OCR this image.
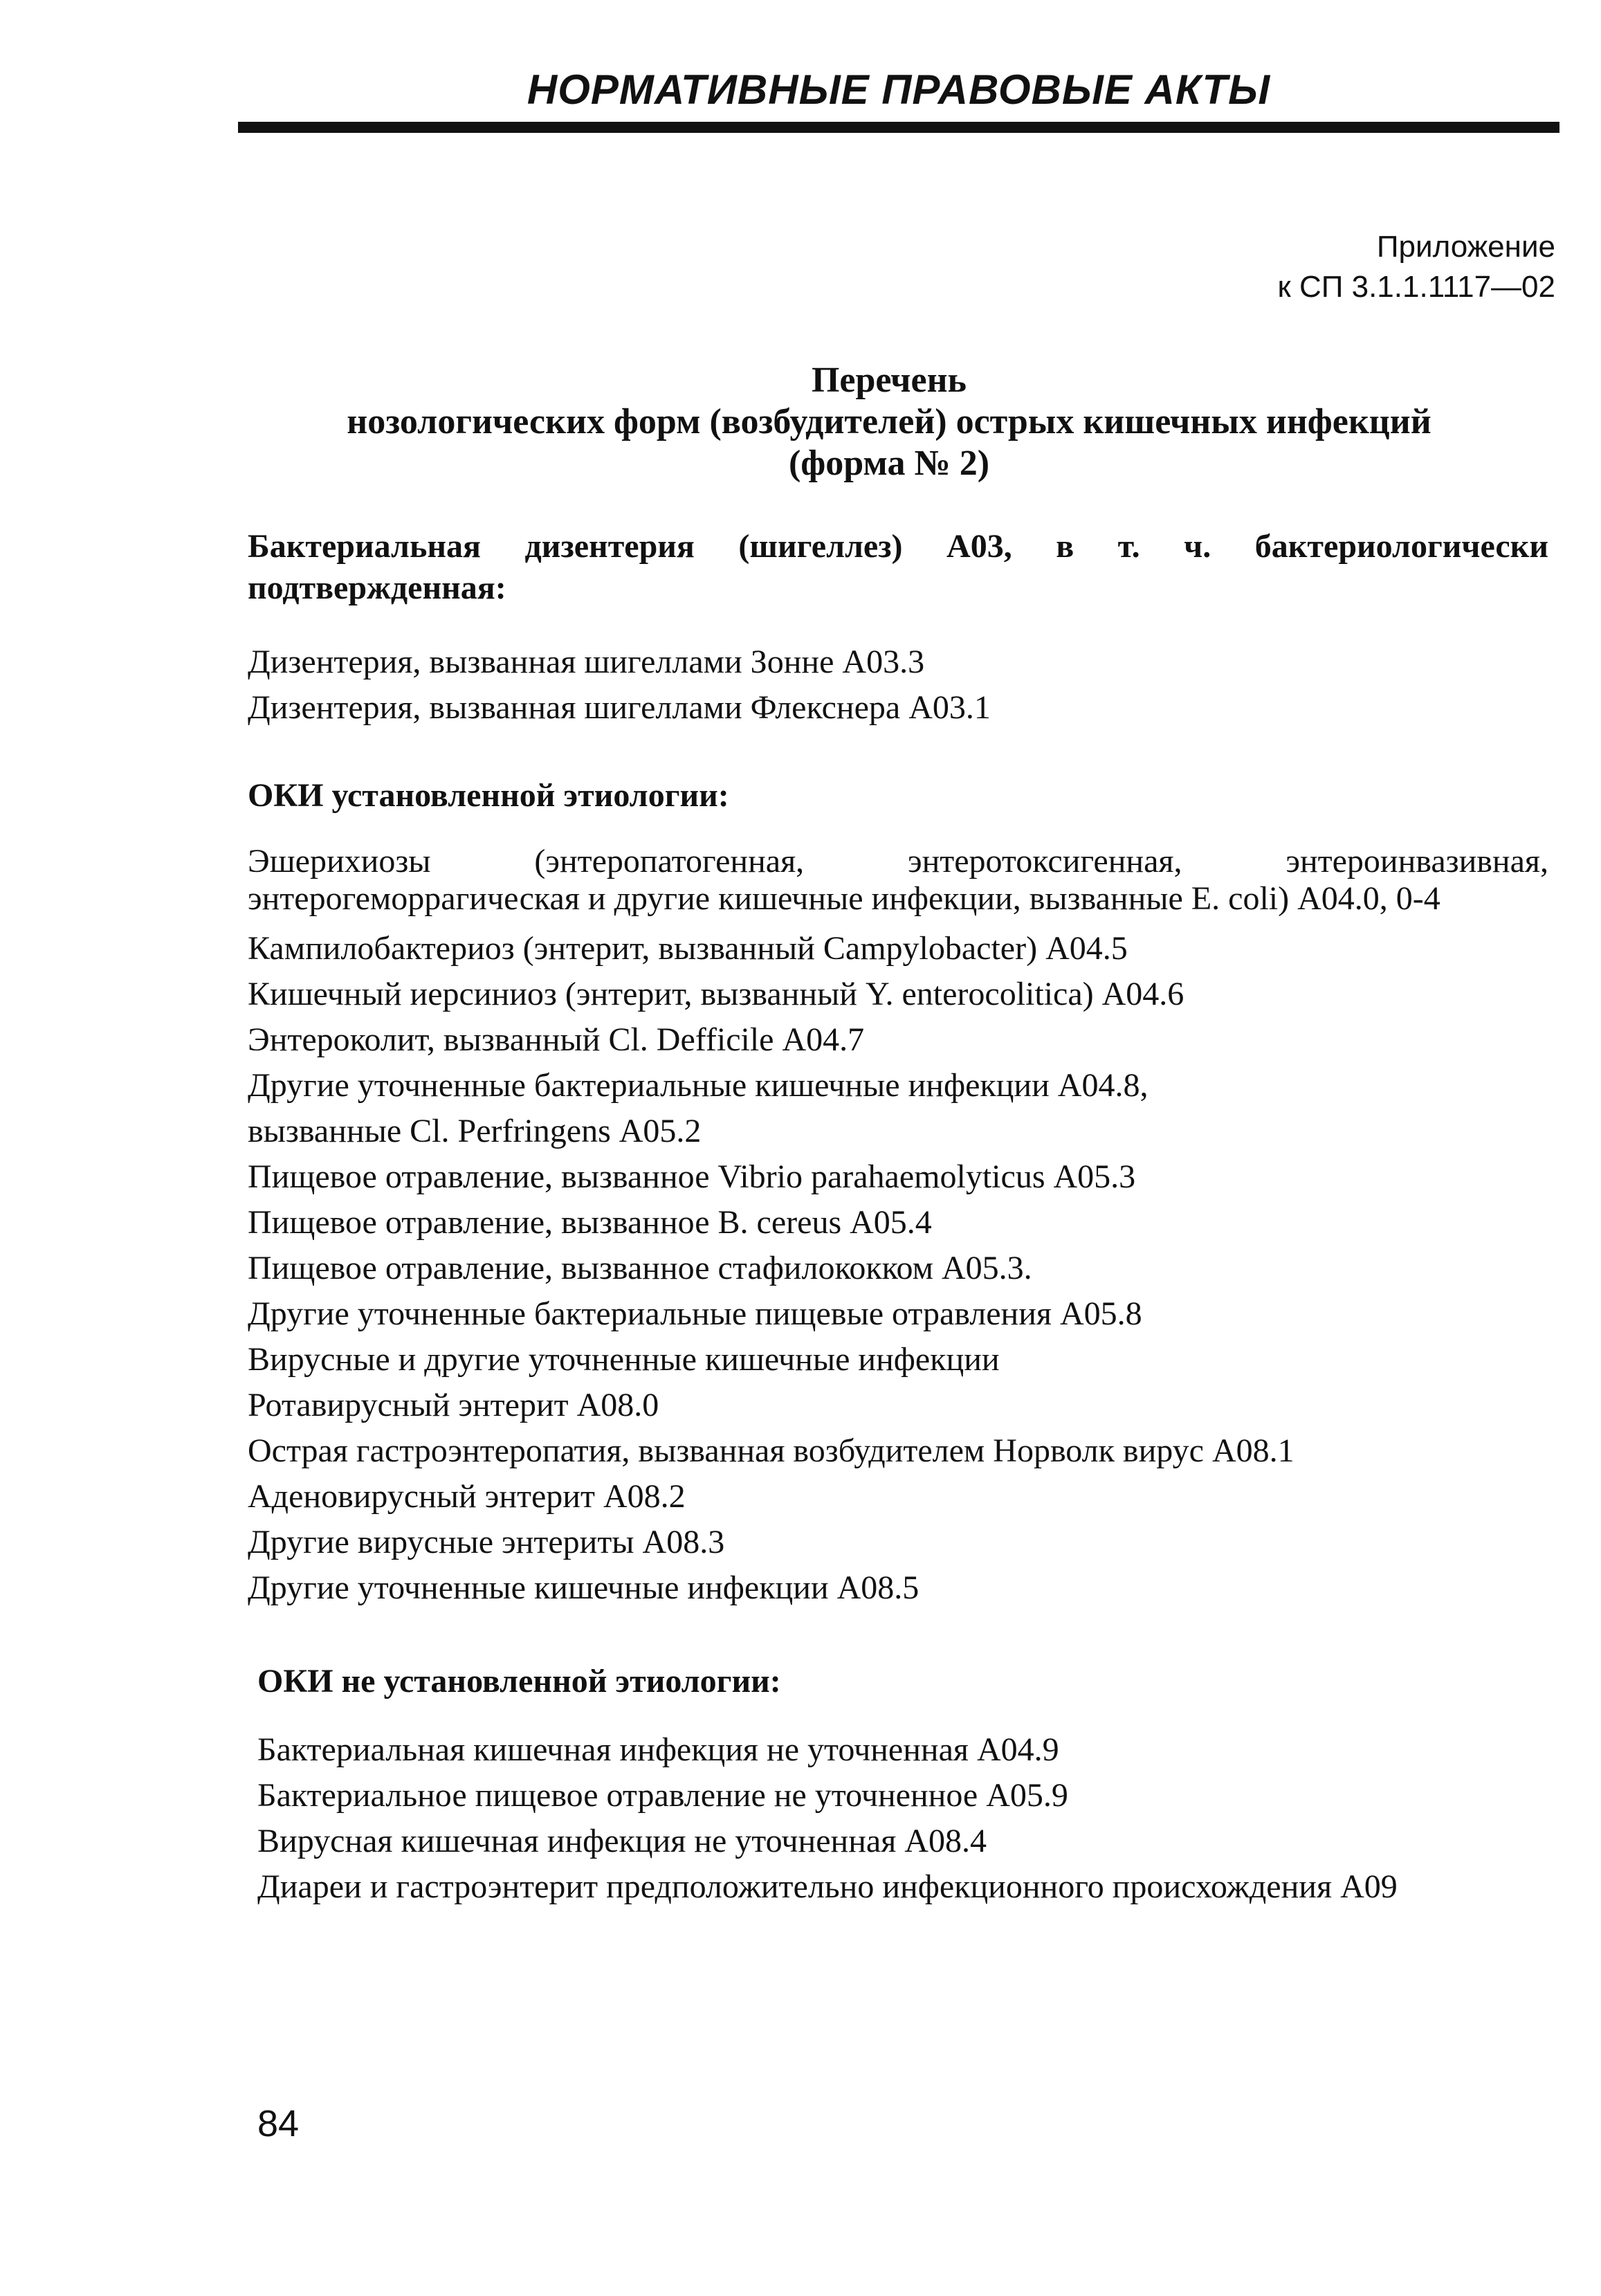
НОРМАТИВНЫЕ ПРАВОВЫЕ АКТЫ
Приложение
к СП 3.1.1.1117—02
Перечень
нозологических форм (возбудителей) острых кишечных инфекций
(форма № 2)

Бактериальная дизентерия (шигеллез) А03, в т. ч. бактериологически подтвержденная:

Дизентерия, вызванная шигеллами Зонне А03.3
Дизентерия, вызванная шигеллами Флекснера А03.1

ОКИ установленной этиологии:

Эшерихиозы (энтеропатогенная, энтеротоксигенная, энтероинвазивная, энтерогеморрагическая и другие кишечные инфекции, вызванные E. coli) А04.0, 0-4
Кампилобактериоз (энтерит, вызванный Campylobacter) А04.5
Кишечный иерсиниоз (энтерит, вызванный Y. enterocolitica) А04.6
Энтероколит, вызванный Cl. Defficile А04.7
Другие уточненные бактериальные кишечные инфекции А04.8,
вызванные Cl. Perfringens А05.2
Пищевое отравление, вызванное Vibrio parahaemolyticus А05.3
Пищевое отравление, вызванное B. cereus А05.4
Пищевое отравление, вызванное стафилококком А05.3.
Другие уточненные бактериальные пищевые отравления А05.8
Вирусные и другие уточненные кишечные инфекции
Ротавирусный энтерит А08.0
Острая гастроэнтеропатия, вызванная возбудителем Норволк вирус А08.1
Аденовирусный энтерит А08.2
Другие вирусные энтериты А08.3
Другие уточненные кишечные инфекции А08.5

ОКИ не установленной этиологии:

Бактериальная кишечная инфекция не уточненная А04.9
Бактериальное пищевое отравление не уточненное А05.9
Вирусная кишечная инфекция не уточненная А08.4
Диареи и гастроэнтерит предположительно инфекционного происхождения А09
84
